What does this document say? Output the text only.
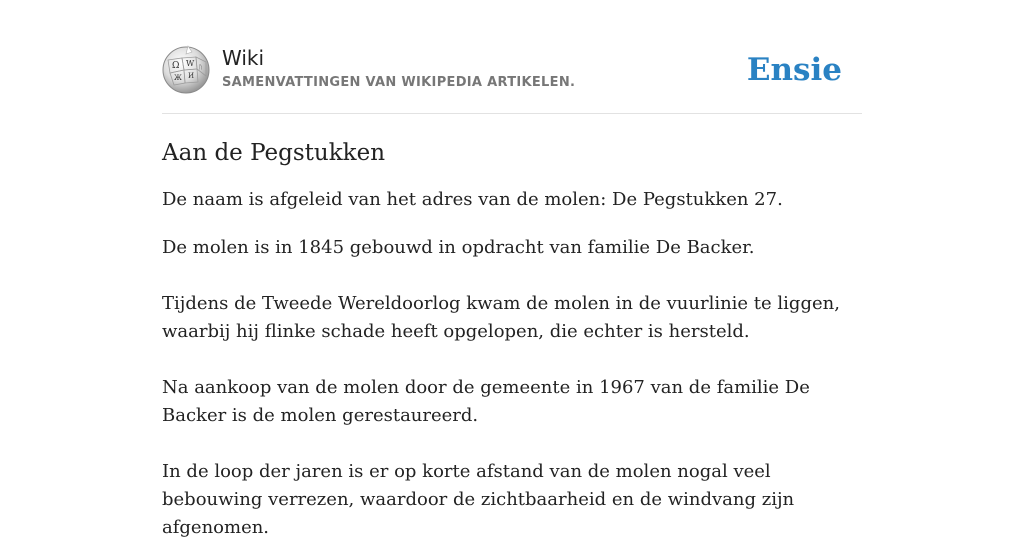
Ω W
Ж И
ᚢ Wiki
SAMENVATTINGEN VAN WIKIPEDIA ARTIKELEN.	Ensie
Aan de Pegstukken

De naam is afgeleid van het adres van de molen: De Pegstukken 27.

De molen is in 1845 gebouwd in opdracht van familie De Backer.

Tijdens de Tweede Wereldoorlog kwam de molen in de vuurlinie te liggen, waarbij hij flinke schade heeft opgelopen, die echter is hersteld.

Na aankoop van de molen door de gemeente in 1967 van de familie De Backer is de molen gerestaureerd.

In de loop der jaren is er op korte afstand van de molen nogal veel bebouwing verrezen, waardoor de zichtbaarheid en de windvang zijn afgenomen.
